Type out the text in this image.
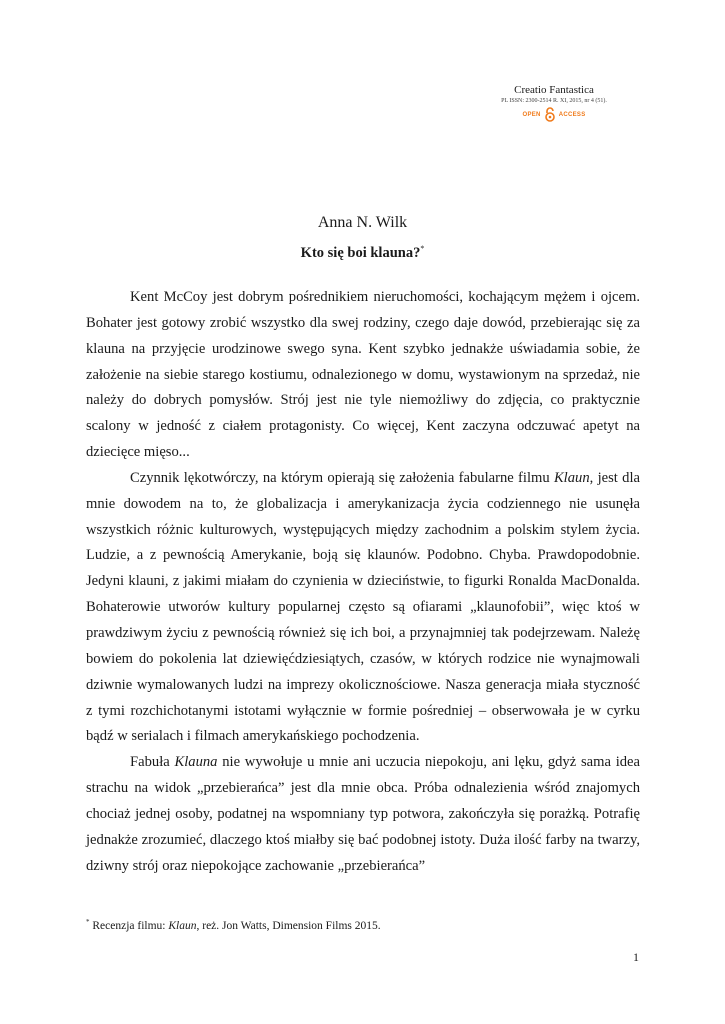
Creatio Fantastica
PL ISSN: 2300-2514 R. XI, 2015, nr 4 (51).
OPEN	ACCESS
Anna N. Wilk
Kto się boi klauna?*

Kent McCoy jest dobrym pośrednikiem nieruchomości, kochającym mężem i ojcem. Bohater jest gotowy zrobić wszystko dla swej rodziny, czego daje dowód, przebierając się za klauna na przyjęcie urodzinowe swego syna. Kent szybko jednakże uświadamia sobie, że założenie na siebie starego kostiumu, odnalezionego w domu, wystawionym na sprzedaż, nie należy do dobrych pomysłów. Strój jest nie tyle niemożliwy do zdjęcia, co praktycznie scalony w jedność z ciałem protagonisty. Co więcej, Kent zaczyna odczuwać apetyt na dziecięce mięso...

Czynnik lękotwórczy, na którym opierają się założenia fabularne filmu Klaun, jest dla mnie dowodem na to, że globalizacja i amerykanizacja życia codziennego nie usunęła wszystkich różnic kulturowych, występujących między zachodnim a polskim stylem życia. Ludzie, a z pewnością Amerykanie, boją się klaunów. Podobno. Chyba. Prawdopodobnie. Jedyni klauni, z jakimi miałam do czynienia w dzieciństwie, to figurki Ronalda MacDonalda. Bohaterowie utworów kultury popularnej często są ofiarami „klaunofobii”, więc ktoś w prawdziwym życiu z pewnością również się ich boi, a przynajmniej tak podejrzewam. Należę bowiem do pokolenia lat dziewięćdziesiątych, czasów, w których rodzice nie wynajmowali dziwnie wymalowanych ludzi na imprezy okolicznościowe. Nasza generacja miała styczność z tymi rozchichotanymi istotami wyłącznie w formie pośredniej – obserwowała je w cyrku bądź w serialach i filmach amerykańskiego pochodzenia.

Fabuła Klauna nie wywołuje u mnie ani uczucia niepokoju, ani lęku, gdyż sama idea strachu na widok „przebierańca” jest dla mnie obca. Próba odnalezienia wśród znajomych chociaż jednej osoby, podatnej na wspomniany typ potwora, zakończyła się porażką. Potrafię jednakże zrozumieć, dlaczego ktoś miałby się bać podobnej istoty. Duża ilość farby na twarzy, dziwny strój oraz niepokojące zachowanie „przebierańca”

* Recenzja filmu: Klaun, reż. Jon Watts, Dimension Films 2015.
1
